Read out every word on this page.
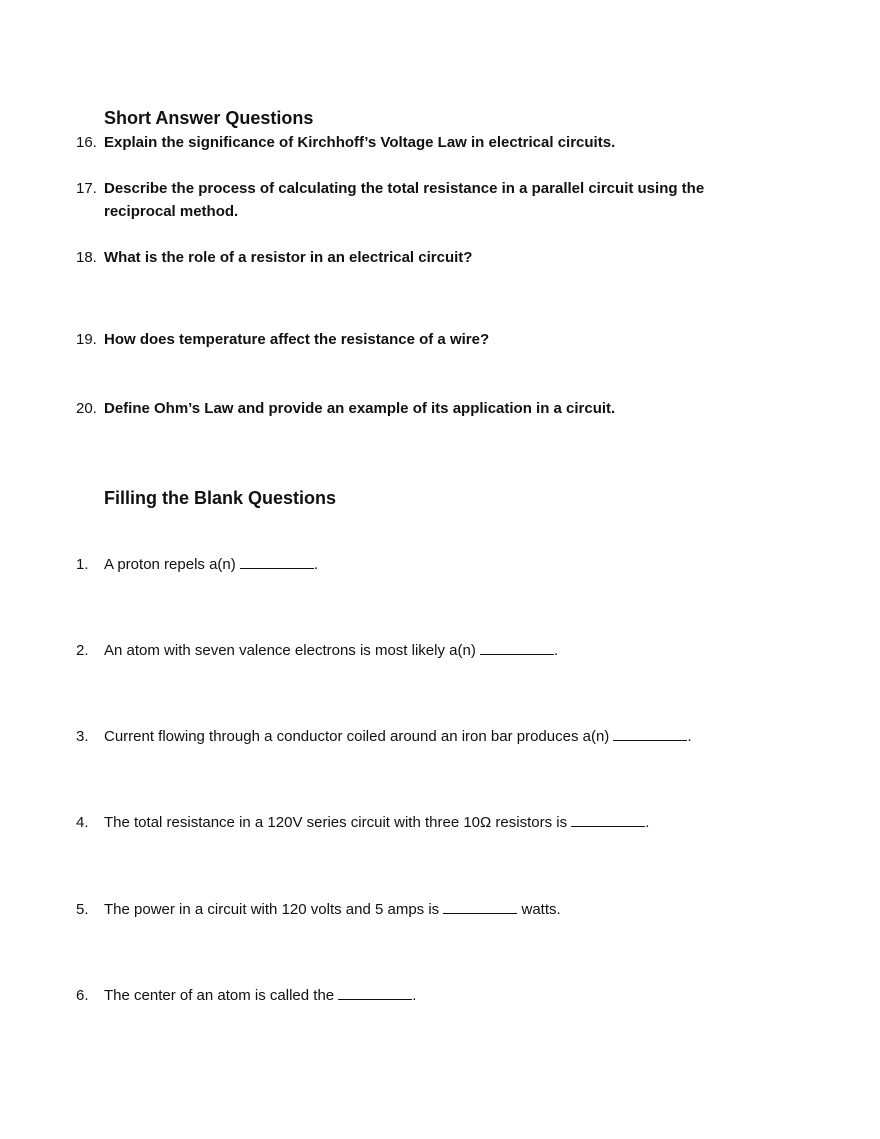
Short Answer Questions
16. Explain the significance of Kirchhoff’s Voltage Law in electrical circuits.
17. Describe the process of calculating the total resistance in a parallel circuit using the reciprocal method.
18. What is the role of a resistor in an electrical circuit?
19. How does temperature affect the resistance of a wire?
20. Define Ohm’s Law and provide an example of its application in a circuit.
Filling the Blank Questions
1. A proton repels a(n)	.
2. An atom with seven valence electrons is most likely a(n)	.
3. Current flowing through a conductor coiled around an iron bar produces a(n)	.
4. The total resistance in a 120V series circuit with three 10Ω resistors is	.
5. The power in a circuit with 120 volts and 5 amps is	watts.
6. The center of an atom is called the	.
